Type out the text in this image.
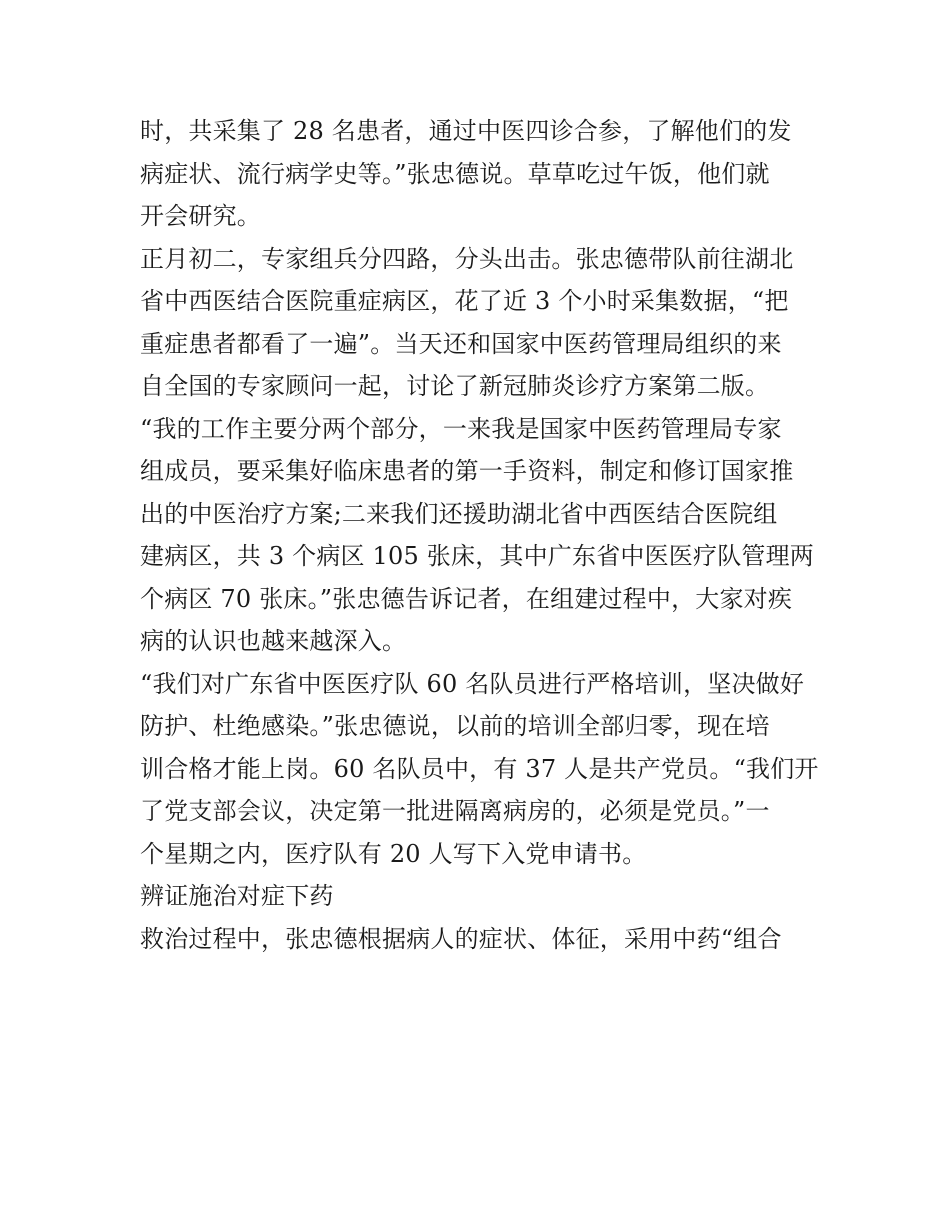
时，共采集了 28 名患者，通过中医四诊合参，了解他们的发
病症状、流行病学史等。”张忠德说。草草吃过午饭，他们就
开会研究。
正月初二，专家组兵分四路，分头出击。张忠德带队前往湖北
省中西医结合医院重症病区，花了近 3 个小时采集数据，“把
重症患者都看了一遍”。当天还和国家中医药管理局组织的来
自全国的专家顾问一起，讨论了新冠肺炎诊疗方案第二版。
“我的工作主要分两个部分，一来我是国家中医药管理局专家
组成员，要采集好临床患者的第一手资料，制定和修订国家推
出的中医治疗方案;二来我们还援助湖北省中西医结合医院组
建病区，共 3 个病区 105 张床，其中广东省中医医疗队管理两
个病区 70 张床。”张忠德告诉记者，在组建过程中，大家对疾
病的认识也越来越深入。
“我们对广东省中医医疗队 60 名队员进行严格培训，坚决做好
防护、杜绝感染。”张忠德说，以前的培训全部归零，现在培
训合格才能上岗。60 名队员中，有 37 人是共产党员。“我们开
了党支部会议，决定第一批进隔离病房的，必须是党员。”一
个星期之内，医疗队有 20 人写下入党申请书。
辨证施治对症下药
救治过程中，张忠德根据病人的症状、体征，采用中药“组合
